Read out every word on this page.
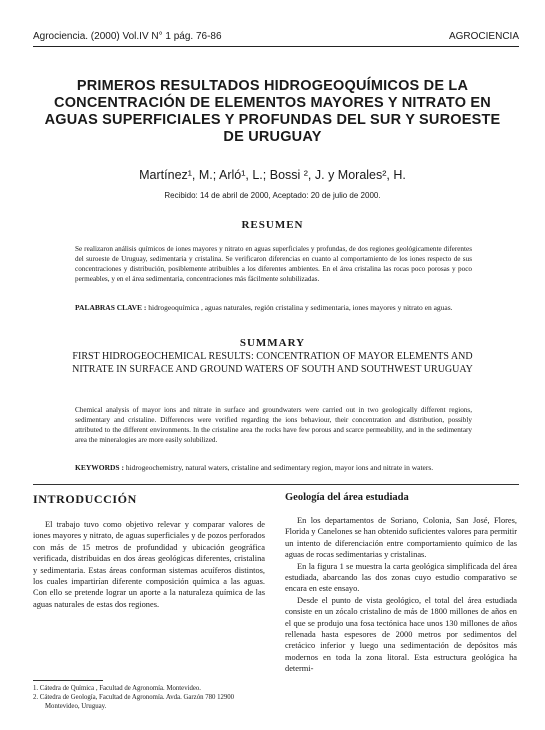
Agrociencia. (2000) Vol.IV N° 1 pág. 76-86	AGROCIENCIA
PRIMEROS RESULTADOS HIDROGEOQUÍMICOS DE LA CONCENTRACIÓN DE ELEMENTOS MAYORES Y NITRATO EN AGUAS SUPERFICIALES Y PROFUNDAS DEL SUR Y SUROESTE DE URUGUAY
Martínez¹, M.; Arló¹, L.; Bossi ², J. y Morales², H.
Recibido: 14 de abril de 2000, Aceptado: 20 de julio de 2000.
RESUMEN
Se realizaron análisis químicos de iones mayores y nitrato en aguas superficiales y profundas, de dos regiones geológicamente diferentes del suroeste de Uruguay, sedimentaria y cristalina. Se verificaron diferencias en cuanto al comportamiento de los iones respecto de sus concentraciones y distribución, posiblemente atribuibles a los diferentes ambientes. En el área cristalina las rocas poco porosas y poco permeables, y en el área sedimentaria, concentraciones más fácilmente solubilizadas.
PALABRAS CLAVE : hidrogeoquímica , aguas naturales, región cristalina y sedimentaria, iones mayores y nitrato en aguas.
SUMMARY
FIRST HIDROGEOCHEMICAL RESULTS: CONCENTRATION OF MAYOR ELEMENTS AND NITRATE IN SURFACE AND GROUND WATERS OF SOUTH AND SOUTHWEST URUGUAY
Chemical analysis of mayor ions and nitrate in surface and groundwaters were carried out in two geologically different regions, sedimentary and cristaline. Differences were verified regarding the ions behaviour, their concentration and distribution, possibly attributed to the different environments. In the cristaline area the rocks have few porous and scarce permeability, and in the sedimentary area the mineralogies are more easily solubilized.
KEYWORDS : hidrogeochemistry, natural waters, cristaline and sedimentary region, mayor ions and nitrate in waters.
INTRODUCCIÓN

El trabajo tuvo como objetivo relevar y comparar valores de iones mayores y nitrato, de aguas superficiales y de pozos perforados con más de 15 metros de profundidad y ubicación geográfica verificada, distribuidas en dos áreas geológicas diferentes, cristalina y sedimentaria. Estas áreas conforman sistemas acuíferos distintos, los cuales impartirían diferente composición química a las aguas. Con ello se pretende lograr un aporte a la naturaleza química de las aguas naturales de estas dos regiones.

1. Cátedra de Química , Facultad de Agronomía. Montevideo.
2. Cátedra de Geología, Facultad de Agronomía. Avda. Garzón 780 12900 Montevideo, Uruguay.
Geología del área estudiada

En los departamentos de Soriano, Colonia, San José, Flores, Florida y Canelones se han obtenido suficientes valores para permitir un intento de diferenciación entre comportamiento químico de las aguas de rocas sedimentarias y cristalinas.

En la figura 1 se muestra la carta geológica simplificada del área estudiada, abarcando las dos zonas cuyo estudio comparativo se encara en este ensayo.

Desde el punto de vista geológico, el total del área estudiada consiste en un zócalo cristalino de más de 1800 millones de años en el que se produjo una fosa tectónica hace unos 130 millones de años rellenada hasta espesores de 2000 metros por sedimentos del cretácico inferior y luego una sedimentación de depósitos más modernos en toda la zona litoral. Esta estructura geológica ha determi-
